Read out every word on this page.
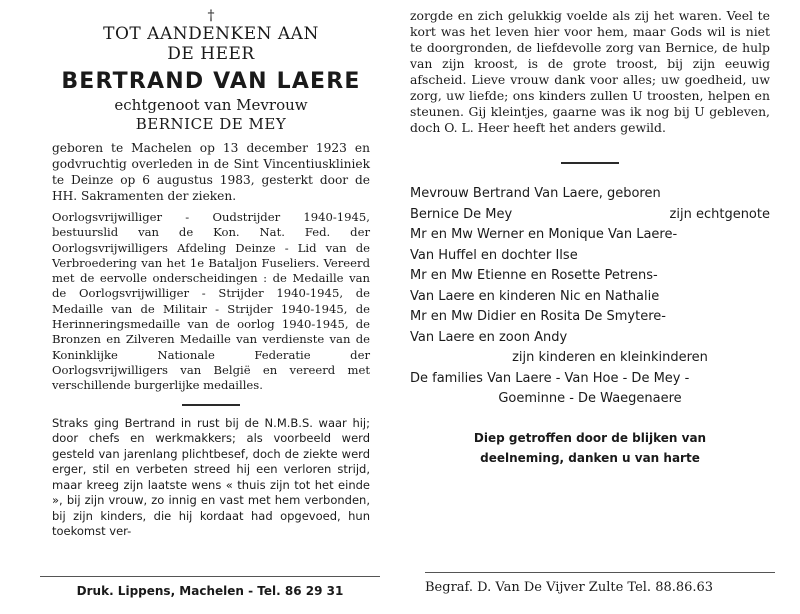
†
TOT AANDENKEN AAN
DE HEER
BERTRAND VAN LAERE
echtgenoot van Mevrouw
BERNICE DE MEY

geboren te Machelen op 13 december 1923 en godvruchtig overleden in de Sint Vincentiuskliniek te Deinze op 6 augustus 1983, gesterkt door de HH. Sakramenten der zieken.

Oorlogsvrijwilliger - Oudstrijder 1940-1945, bestuurslid van de Kon. Nat. Fed. der Oorlogsvrijwilligers Afdeling Deinze - Lid van de Verbroedering van het 1e Bataljon Fuseliers. Vereerd met de eervolle onderscheidingen : de Medaille van de Oorlogsvrijwilliger - Strijder 1940-1945, de Medaille van de Militair - Strijder 1940-1945, de Herinneringsmedaille van de oorlog 1940-1945, de Bronzen en Zilveren Medaille van verdienste van de Koninklijke Nationale Federatie der Oorlogsvrijwilligers van België en vereerd met verschillende burgerlijke medailles.

Straks ging Bertrand in rust bij de N.M.B.S. waar hij; door chefs en werkmakkers; als voorbeeld werd gesteld van jarenlang plichtbesef, doch de ziekte werd erger, stil en verbeten streed hij een verloren strijd, maar kreeg zijn laatste wens « thuis zijn tot het einde », bij zijn vrouw, zo innig en vast met hem verbonden, bij zijn kinders, die hij kordaat had opgevoed, hun toekomst ver-

zorgde en zich gelukkig voelde als zij het waren. Veel te kort was het leven hier voor hem, maar Gods wil is niet te doorgronden, de liefdevolle zorg van Bernice, de hulp van zijn kroost, is de grote troost, bij zijn eeuwig afscheid. Lieve vrouw dank voor alles; uw goedheid, uw zorg, uw liefde; ons kinders zullen U troosten, helpen en steunen. Gij kleintjes, gaarne was ik nog bij U gebleven, doch O. L. Heer heeft het anders gewild.

Mevrouw Bertrand Van Laere, geboren
Bernice De Mey	zijn echtgenote
Mr en Mw Werner en Monique Van Laere-
Van Huffel en dochter Ilse
Mr en Mw Etienne en Rosette Petrens-
Van Laere en kinderen Nic en Nathalie
Mr en Mw Didier en Rosita De Smytere-
Van Laere en zoon Andy
zijn kinderen en kleinkinderen
De families Van Laere - Van Hoe - De Mey -
Goeminne - De Waegenaere
Diep getroffen door de blijken van
deelneming, danken u van harte
Druk. Lippens, Machelen - Tel. 86 29 31	Begraf. D. Van De Vijver Zulte Tel. 88.86.63
